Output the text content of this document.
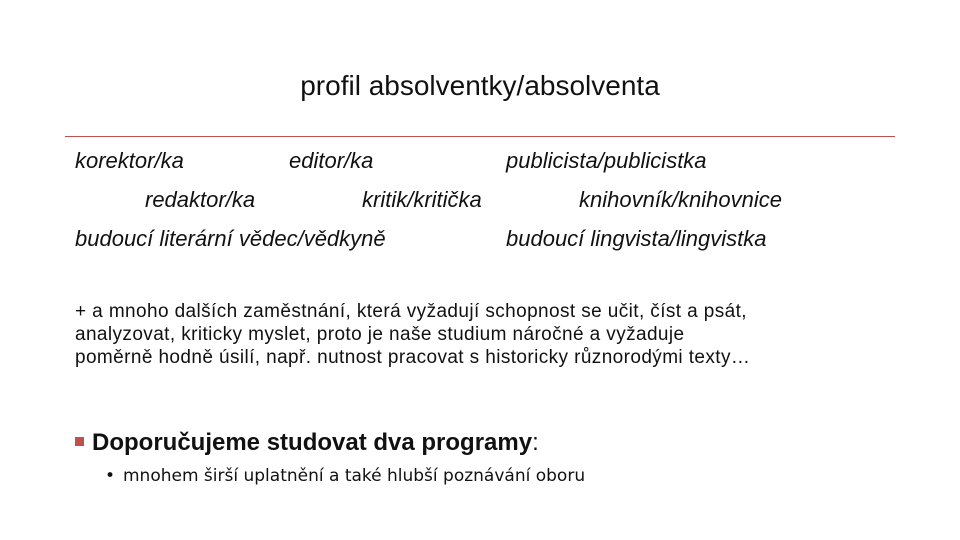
profil absolventky/absolventa
korektor/ka	editor/ka	publicista/publicistka
redaktor/ka	kritik/kritička	knihovník/knihovnice
budoucí literární vědec/vědkyně	budoucí lingvista/lingvistka
+ a mnoho dalších zaměstnání, která vyžadují schopnost se učit, číst a psát,
analyzovat, kriticky myslet, proto je naše studium náročné a vyžaduje
poměrně hodně úsilí, např. nutnost pracovat s historicky různorodými texty…
Doporučujeme studovat dva programy:
• mnohem širší uplatnění a také hlubší poznávání oboru
